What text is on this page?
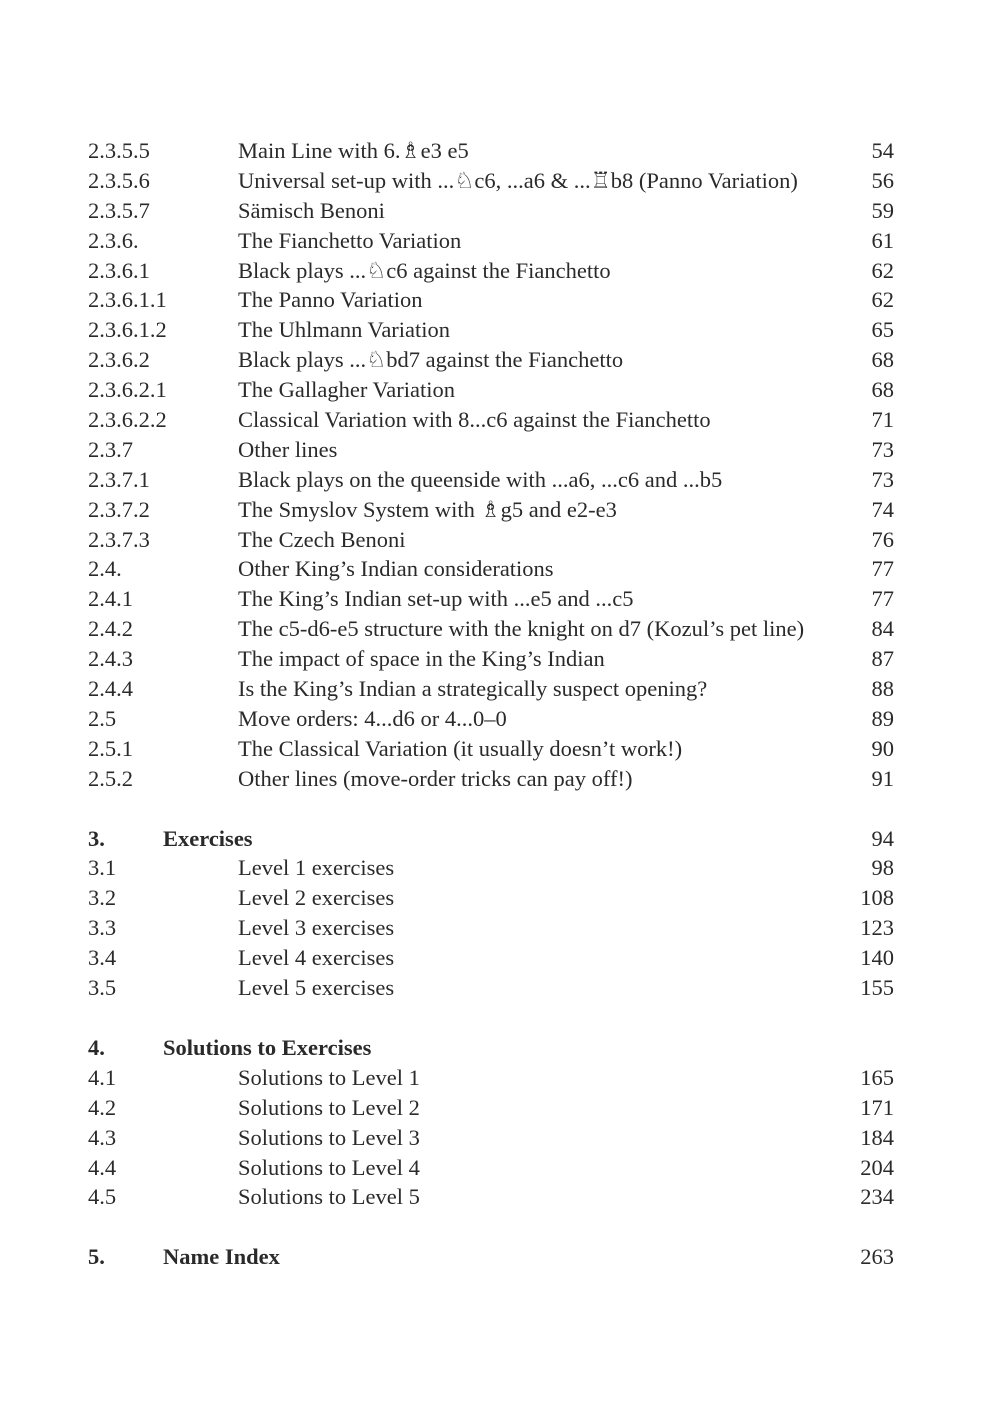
2.3.5.5	Main Line with 6.♗e3 e5	54
2.3.5.6	Universal set-up with ...♘c6, ...a6 & ...♖b8 (Panno Variation)	56
2.3.5.7	Sämisch Benoni	59
2.3.6.	The Fianchetto Variation	61
2.3.6.1	Black plays ...♘c6 against the Fianchetto	62
2.3.6.1.1	The Panno Variation	62
2.3.6.1.2	The Uhlmann Variation	65
2.3.6.2	Black plays ...♘bd7 against the Fianchetto	68
2.3.6.2.1	The Gallagher Variation	68
2.3.6.2.2	Classical Variation with 8...c6 against the Fianchetto	71
2.3.7	Other lines	73
2.3.7.1	Black plays on the queenside with ...a6, ...c6 and ...b5	73
2.3.7.2	The Smyslov System with ♗g5 and e2-e3	74
2.3.7.3	The Czech Benoni	76
2.4.	Other King’s Indian considerations	77
2.4.1	The King’s Indian set-up with ...e5 and ...c5	77
2.4.2	The c5-d6-e5 structure with the knight on d7 (Kozul’s pet line)	84
2.4.3	The impact of space in the King’s Indian	87
2.4.4	Is the King’s Indian a strategically suspect opening?	88
2.5	Move orders: 4...d6 or 4...0–0	89
2.5.1	The Classical Variation (it usually doesn’t work!)	90
2.5.2	Other lines (move-order tricks can pay off!)	91
3.	Exercises	94
3.1	Level 1 exercises	98
3.2	Level 2 exercises	108
3.3	Level 3 exercises	123
3.4	Level 4 exercises	140
3.5	Level 5 exercises	155
4.	Solutions to Exercises
4.1	Solutions to Level 1	165
4.2	Solutions to Level 2	171
4.3	Solutions to Level 3	184
4.4	Solutions to Level 4	204
4.5	Solutions to Level 5	234
5.	Name Index	263
